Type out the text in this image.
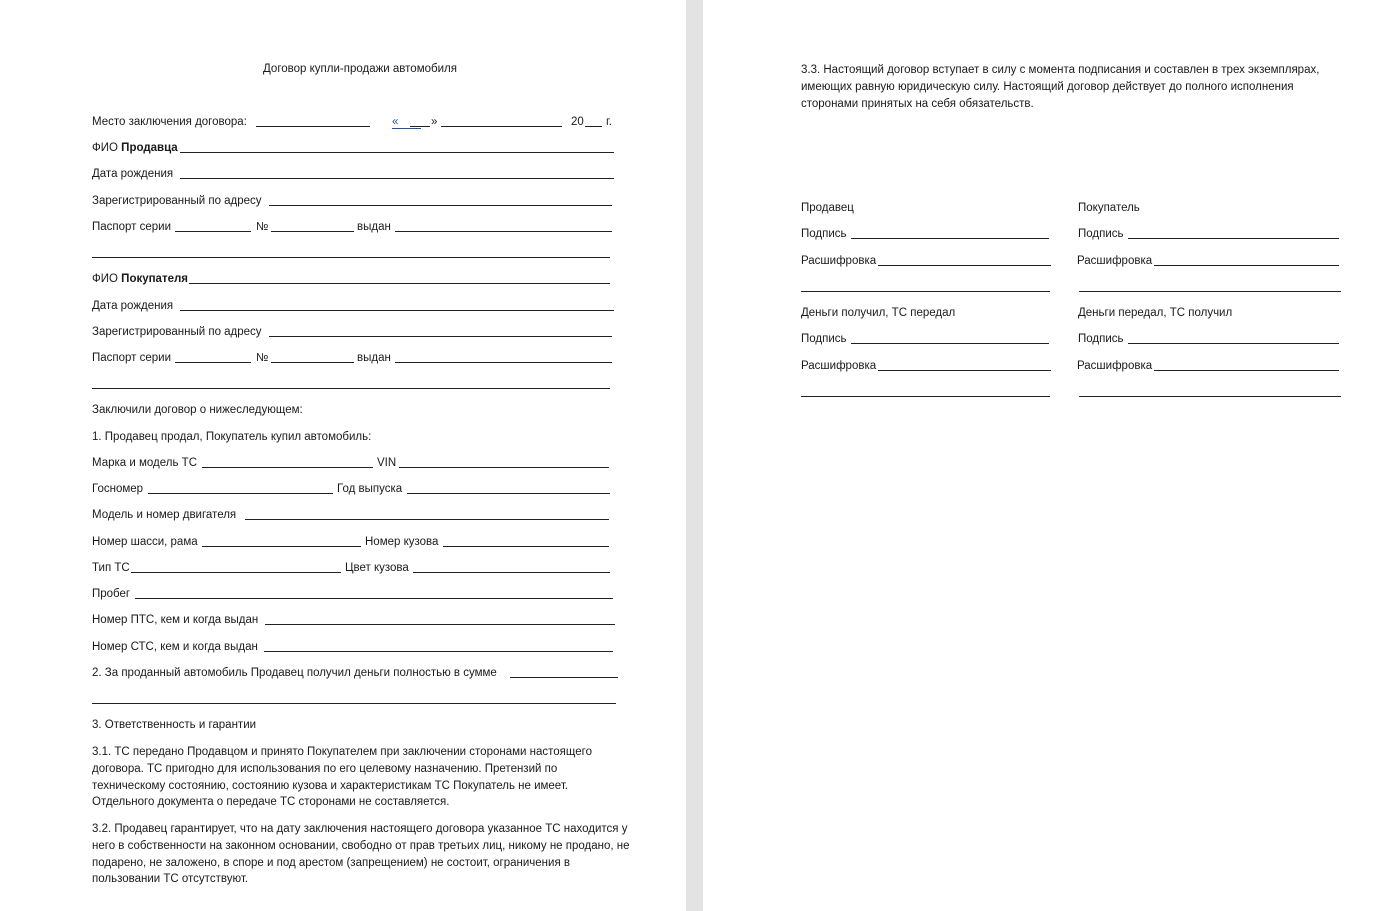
Договор купли-продажи автомобиля
Место заключения договора:	«	»	20 г.
ФИО Продавца
Дата рождения
Зарегистрированный по адресу
Паспорт серии	№	выдан
ФИО Покупателя
Дата рождения
Зарегистрированный по адресу
Паспорт серии	№	выдан
Заключили договор о нижеследующем:
1. Продавец продал, Покупатель купил автомобиль:
Марка и модель ТС	VIN
Госномер	Год выпуска
Модель и номер двигателя
Номер шасси, рама	Номер кузова
Тип ТС	Цвет кузова
Пробег
Номер ПТС, кем и когда выдан
Номер СТС, кем и когда выдан
2. За проданный автомобиль Продавец получил деньги полностью в сумме
3. Ответственность и гарантии
3.1. ТС передано Продавцом и принято Покупателем при заключении сторонами настоящего договора. ТС пригодно для использования по его целевому назначению. Претензий по техническому состоянию, состоянию кузова и характеристикам ТС Покупатель не имеет. Отдельного документа о передаче ТС сторонами не составляется.
3.2. Продавец гарантирует, что на дату заключения настоящего договора указанное ТС находится у него в собственности на законном основании, свободно от прав третьих лиц, никому не продано, не подарено, не заложено, в споре и под арестом (запрещением) не состоит, ограничения в пользовании ТС отсутствуют.
3.3. Настоящий договор вступает в силу с момента подписания и составлен в трех экземплярах, имеющих равную юридическую силу. Настоящий договор действует до полного исполнения сторонами принятых на себя обязательств.
Продавец	Покупатель
Подпись	Подпись
Расшифровка	Расшифровка
Деньги получил, ТС передал	Деньги передал, ТС получил
Подпись	Подпись
Расшифровка	Расшифровка
